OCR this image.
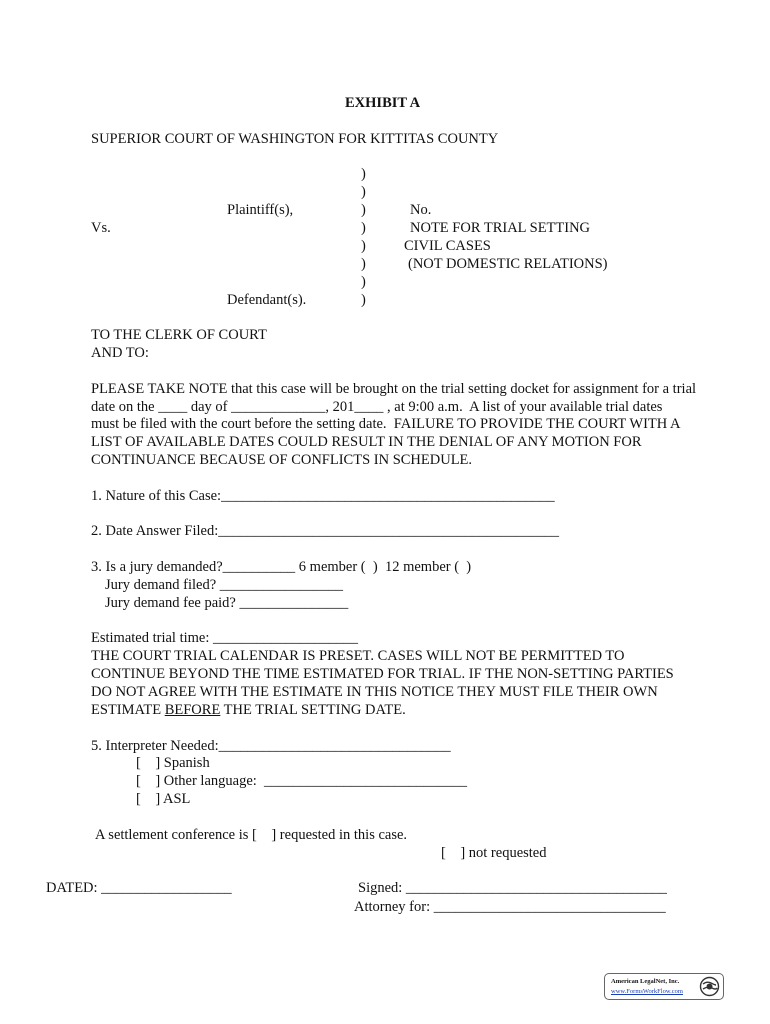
EXHIBIT A
SUPERIOR COURT OF WASHINGTON FOR KITTITAS COUNTY
)
)
)
)
)
)
)
)
Plaintiff(s),
Vs.
Defendant(s).
No.
NOTE FOR TRIAL SETTING
CIVIL CASES
(NOT DOMESTIC RELATIONS)
TO THE CLERK OF COURT
AND TO:
PLEASE TAKE NOTE that this case will be brought on the trial setting docket for assignment for a trial
date on the ____ day of _____________, 201____ , at 9:00 a.m.  A list of your available trial dates
must be filed with the court before the setting date.  FAILURE TO PROVIDE THE COURT WITH A
LIST OF AVAILABLE DATES COULD RESULT IN THE DENIAL OF ANY MOTION FOR
CONTINUANCE BECAUSE OF CONFLICTS IN SCHEDULE.
1. Nature of this Case:______________________________________________
2. Date Answer Filed:_______________________________________________
3. Is a jury demanded?__________ 6 member (  )  12 member (  )
Jury demand filed? _________________
Jury demand fee paid? _______________
Estimated trial time: ____________________
THE COURT TRIAL CALENDAR IS PRESET. CASES WILL NOT BE PERMITTED TO
CONTINUE BEYOND THE TIME ESTIMATED FOR TRIAL. IF THE NON-SETTING PARTIES
DO NOT AGREE WITH THE ESTIMATE IN THIS NOTICE THEY MUST FILE THEIR OWN
ESTIMATE BEFORE THE TRIAL SETTING DATE.
5. Interpreter Needed:________________________________
[    ] Spanish
[    ] Other language:  ____________________________
[    ] ASL
A settlement conference is [    ] requested in this case.
[    ] not requested
DATED: __________________	Signed: ____________________________________
Attorney for: ________________________________
American LegalNet, Inc.
www.FormsWorkFlow.com
